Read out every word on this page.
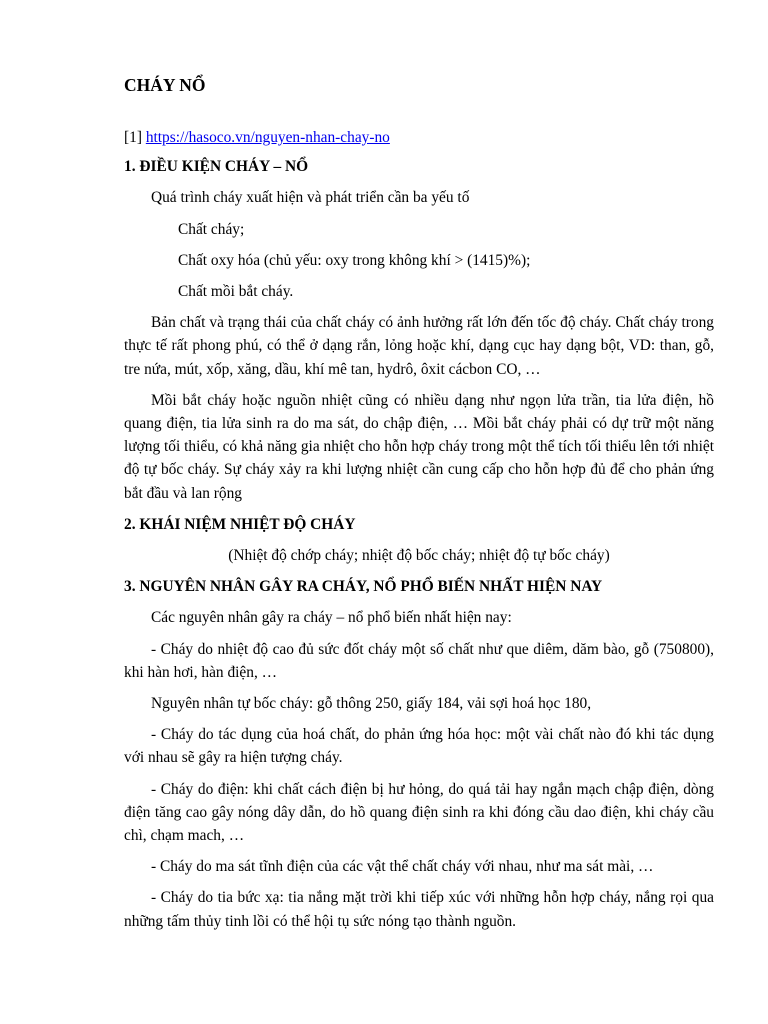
CHÁY NỔ

[1] https://hasoco.vn/nguyen-nhan-chay-no

1. ĐIỀU KIỆN CHÁY – NỔ

Quá trình cháy xuất hiện và phát triển cần ba yếu tố

Chất cháy;

Chất oxy hóa (chủ yếu: oxy trong không khí > (1415)%);

Chất mồi bắt cháy.

Bản chất và trạng thái của chất cháy có ảnh hưởng rất lớn đến tốc độ cháy. Chất cháy trong thực tế rất phong phú, có thể ở dạng rắn, lỏng hoặc khí, dạng cục hay dạng bột, VD: than, gỗ, tre nứa, mút, xốp, xăng, dầu, khí mê tan, hydrô, ôxit cácbon CO, …

Mồi bắt cháy hoặc nguồn nhiệt cũng có nhiều dạng như ngọn lửa trần, tia lửa điện, hồ quang điện, tia lửa sinh ra do ma sát, do chập điện, … Mồi bắt cháy phải có dự trữ một năng lượng tối thiểu, có khả năng gia nhiệt cho hỗn hợp cháy trong một thể tích tối thiểu lên tới nhiệt độ tự bốc cháy. Sự cháy xảy ra khi lượng nhiệt cần cung cấp cho hỗn hợp đủ để cho phản ứng bắt đầu và lan rộng

2. KHÁI NIỆM NHIỆT ĐỘ CHÁY

(Nhiệt độ chớp cháy; nhiệt độ bốc cháy; nhiệt độ tự bốc cháy)

3. NGUYÊN NHÂN GÂY RA CHÁY, NỔ PHỔ BIẾN NHẤT HIỆN NAY

Các nguyên nhân gây ra cháy – nổ phổ biến nhất hiện nay:

- Cháy do nhiệt độ cao đủ sức đốt cháy một số chất như que diêm, dăm bào, gỗ (750800), khi hàn hơi, hàn điện, …

Nguyên nhân tự bốc cháy: gỗ thông 250, giấy 184, vải sợi hoá học 180,

- Cháy do tác dụng của hoá chất, do phản ứng hóa học: một vài chất nào đó khi tác dụng với nhau sẽ gây ra hiện tượng cháy.

- Cháy do điện: khi chất cách điện bị hư hỏng, do quá tải hay ngắn mạch chập điện, dòng điện tăng cao gây nóng dây dẫn, do hồ quang điện sinh ra khi đóng cầu dao điện, khi cháy cầu chì, chạm mach, …

- Cháy do ma sát tĩnh điện của các vật thể chất cháy với nhau, như ma sát mài, …

- Cháy do tia bức xạ: tia nắng mặt trời khi tiếp xúc với những hỗn hợp cháy, nắng rọi qua những tấm thủy tinh lồi có thể hội tụ sức nóng tạo thành nguồn.
